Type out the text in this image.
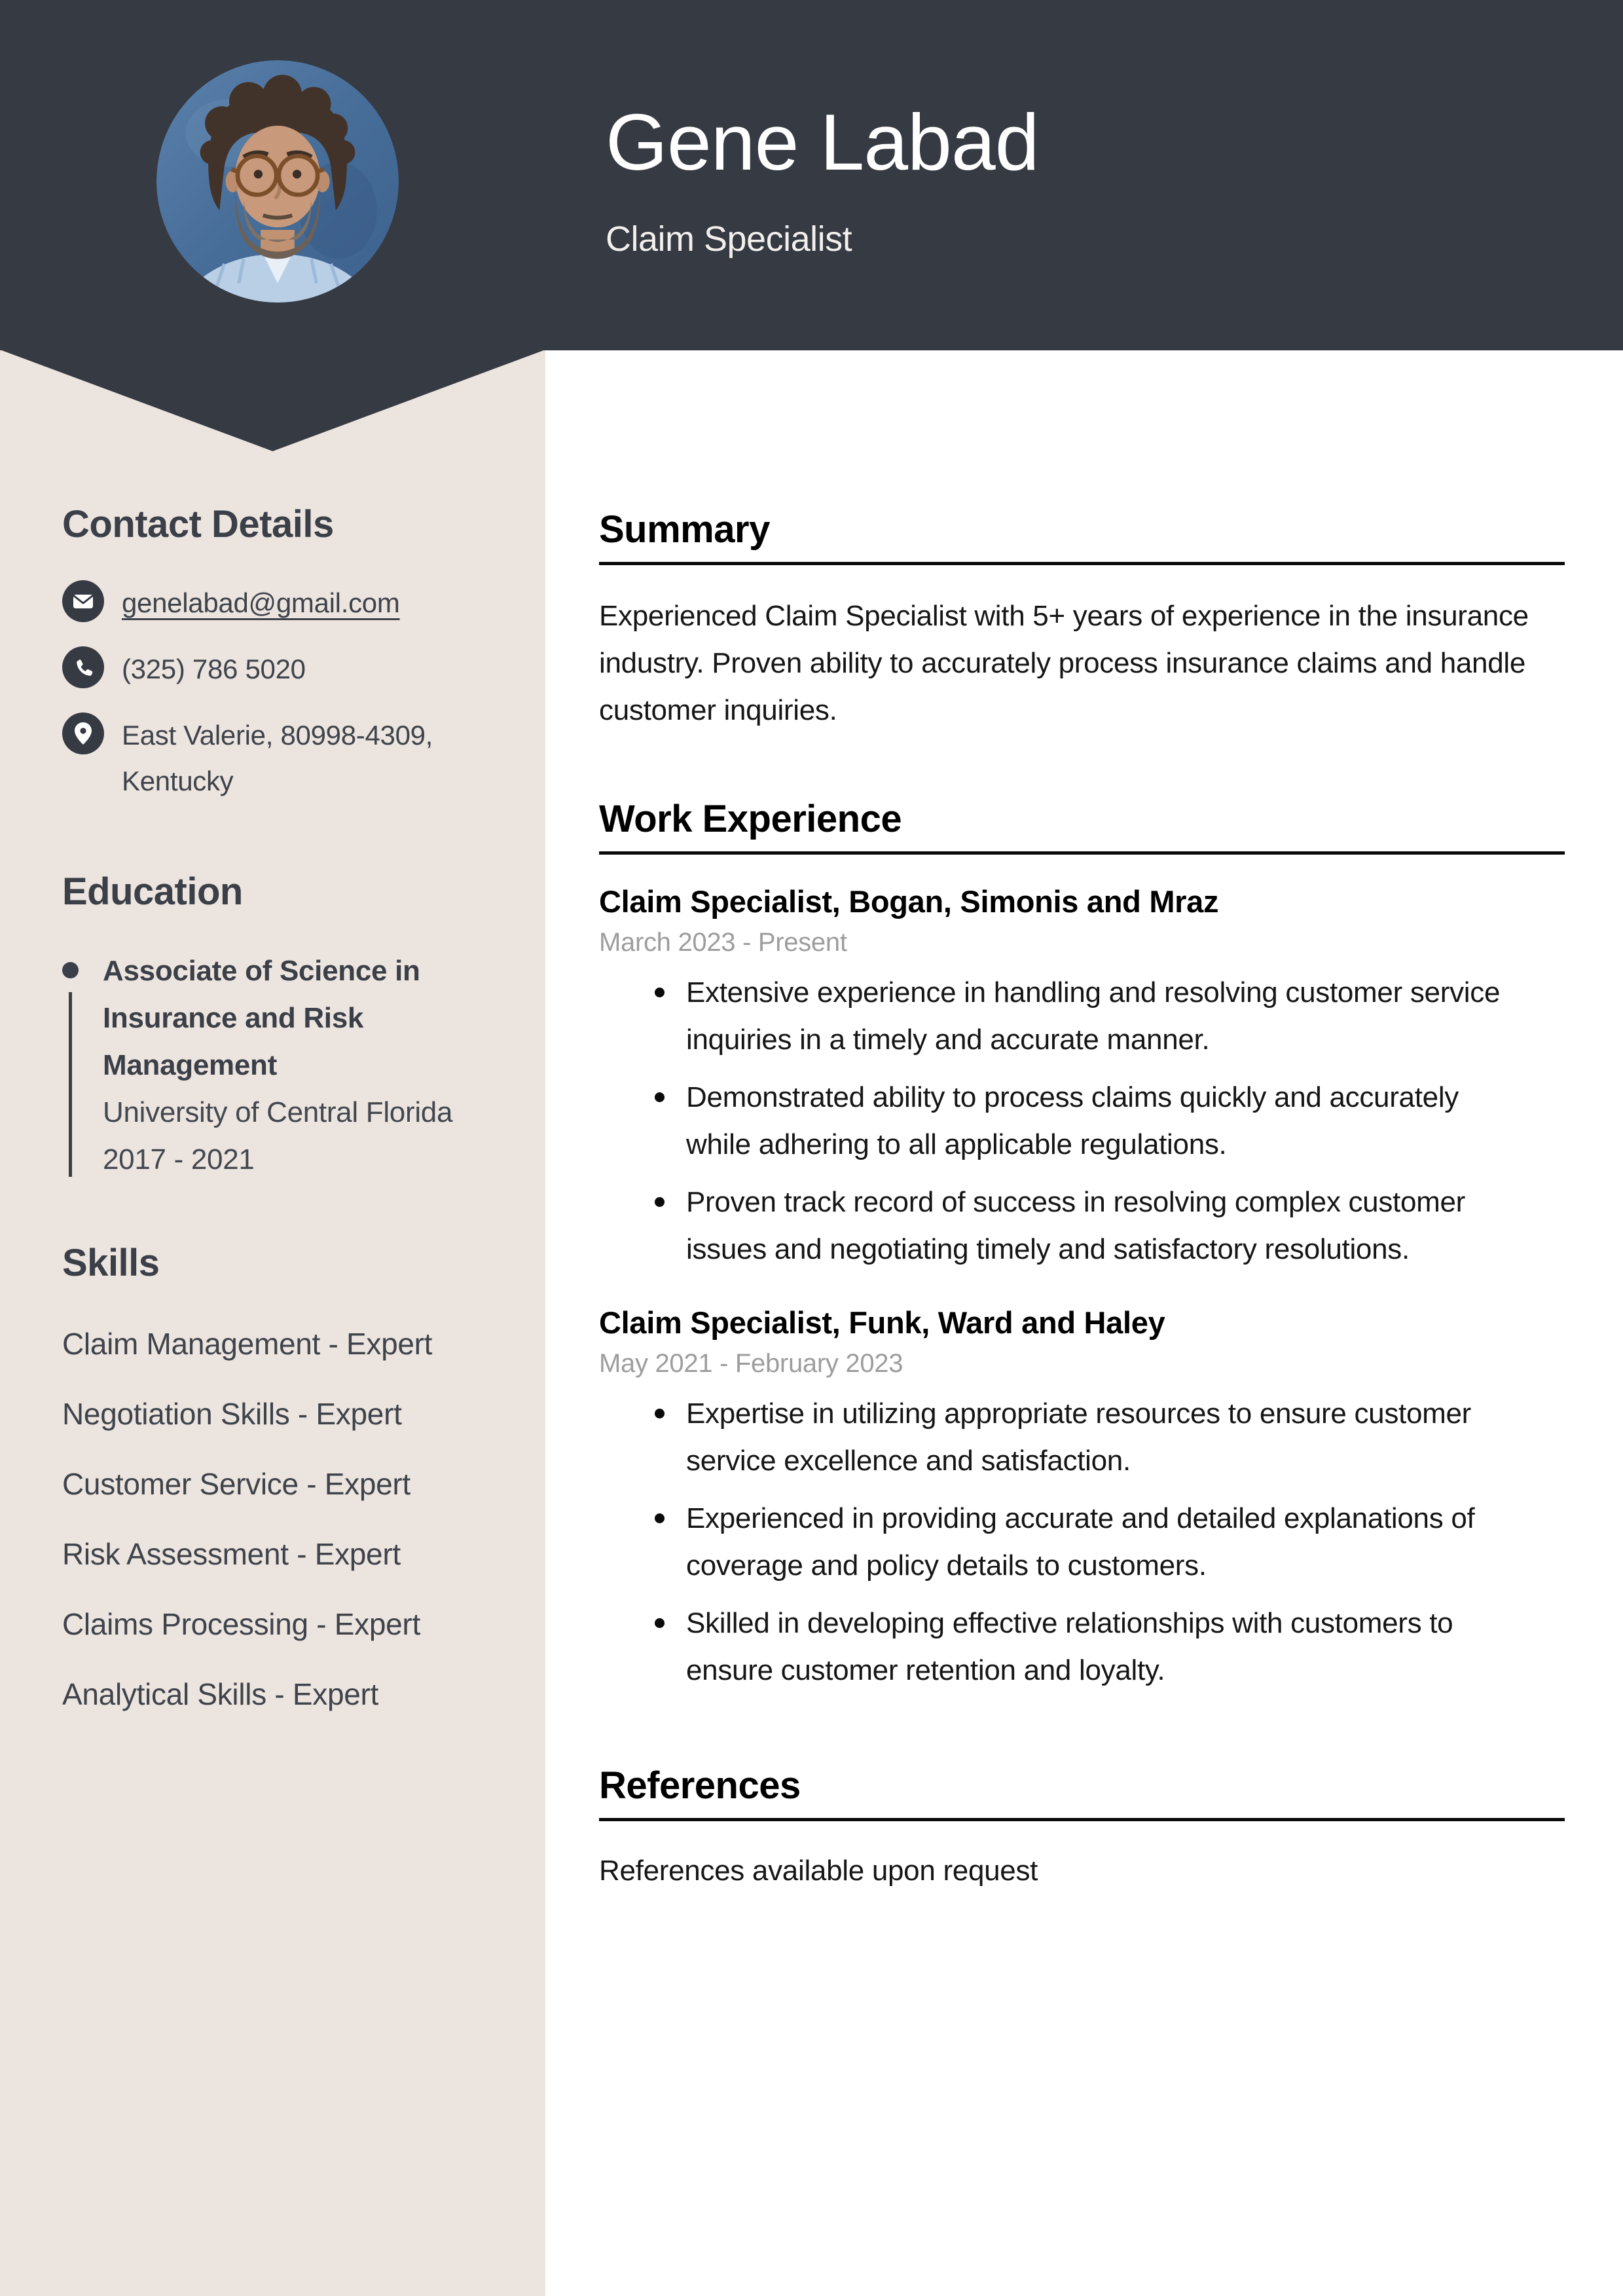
Gene Labad
Claim Specialist
Contact Details
genelabad@gmail.com
(325) 786 5020
East Valerie, 80998-4309,
Kentucky
Education
Associate of Science in Insurance and Risk Management
University of Central Florida
2017 - 2021
Skills
Claim Management - Expert
Negotiation Skills - Expert
Customer Service - Expert
Risk Assessment - Expert
Claims Processing - Expert
Analytical Skills - Expert
Summary

Experienced Claim Specialist with 5+ years of experience in the insurance industry. Proven ability to accurately process insurance claims and handle customer inquiries.

Work Experience
Claim Specialist, Bogan, Simonis and Mraz
March 2023 - Present
Extensive experience in handling and resolving customer service inquiries in a timely and accurate manner.
Demonstrated ability to process claims quickly and accurately while adhering to all applicable regulations.
Proven track record of success in resolving complex customer issues and negotiating timely and satisfactory resolutions.
Claim Specialist, Funk, Ward and Haley
May 2021 - February 2023
Expertise in utilizing appropriate resources to ensure customer service excellence and satisfaction.
Experienced in providing accurate and detailed explanations of coverage and policy details to customers.
Skilled in developing effective relationships with customers to ensure customer retention and loyalty.
References

References available upon request
